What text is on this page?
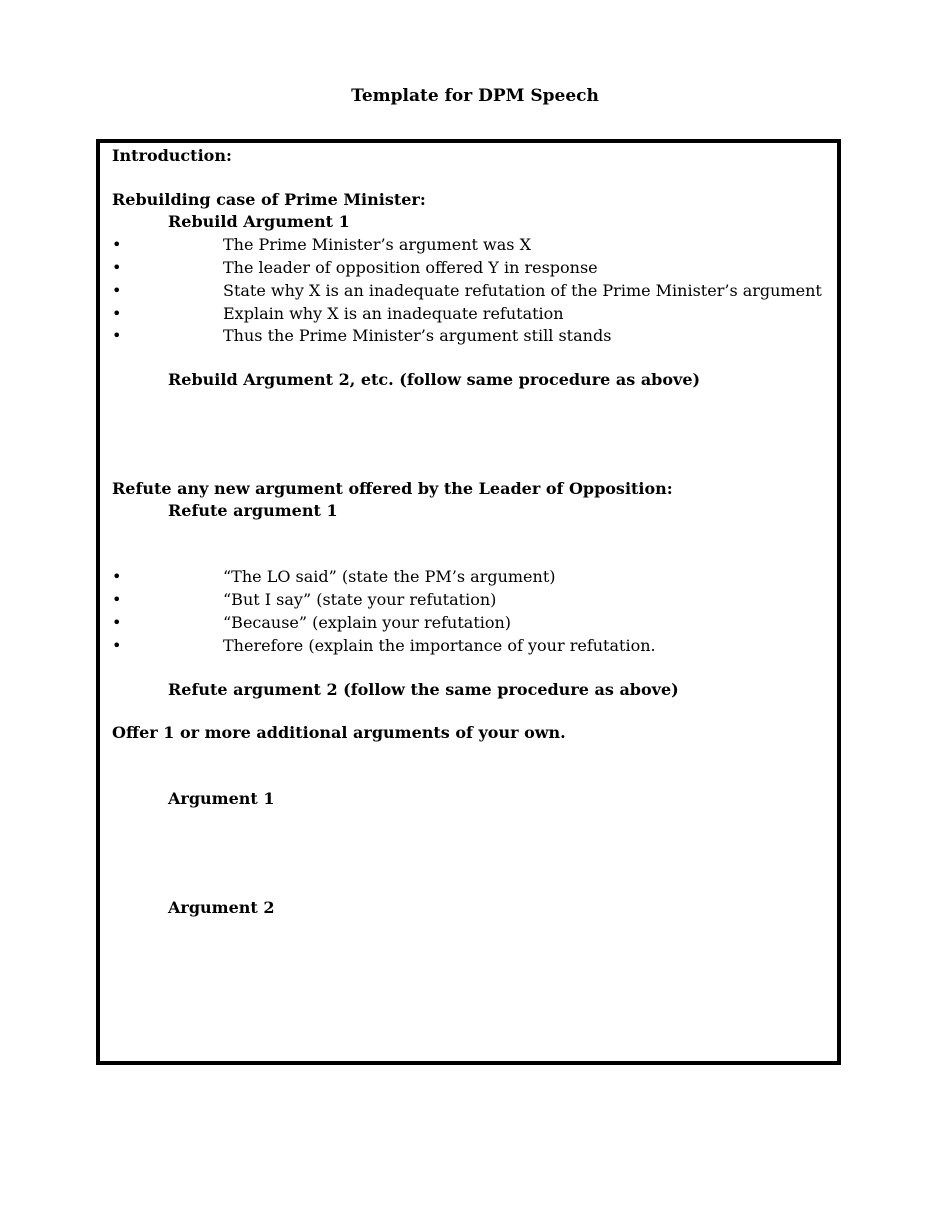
Template for DPM Speech
Introduction:
Rebuilding case of Prime Minister:
Rebuild Argument 1
•	The Prime Minister’s argument was X
•	The leader of opposition offered Y in response
•	State why X is an inadequate refutation of the Prime Minister’s argument
•	Explain why X is an inadequate refutation
•	Thus the Prime Minister’s argument still stands
Rebuild Argument 2, etc. (follow same procedure as above)
Refute any new argument offered by the Leader of Opposition:
Refute argument 1
•	“The LO said” (state the PM’s argument)
•	“But I say” (state your refutation)
•	“Because” (explain your refutation)
•	Therefore (explain the importance of your refutation.
Refute argument 2 (follow the same procedure as above)
Offer 1 or more additional arguments of your own.
Argument 1
Argument 2
